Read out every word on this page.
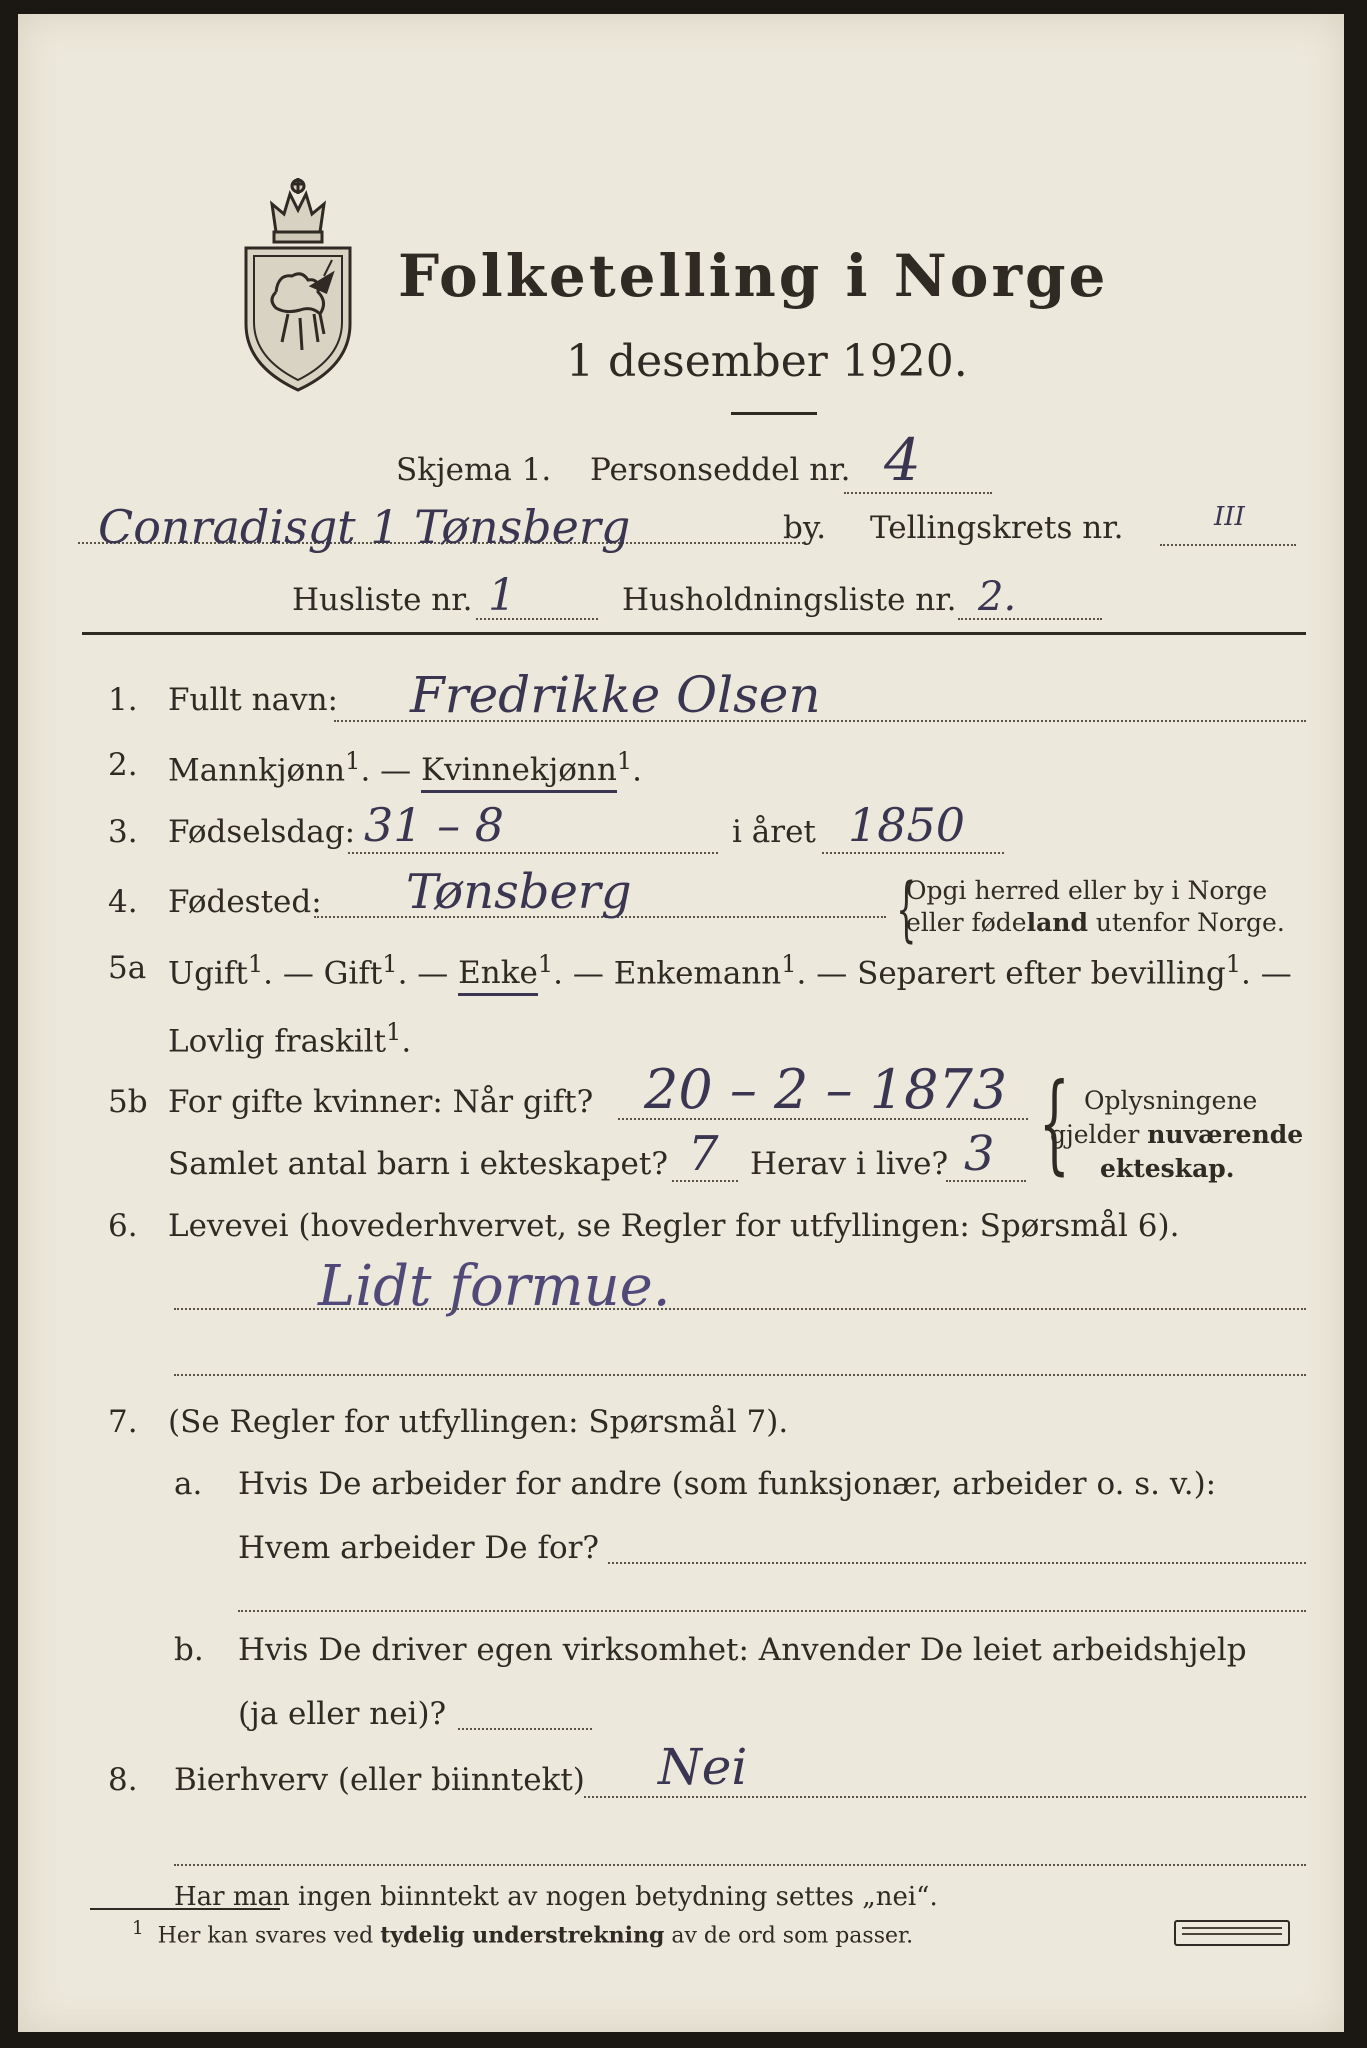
Folketelling i Norge
1 desember 1920.
Skjema 1. Personseddel nr. 4
Conradisgt 1 Tønsberg	by. Tellingskrets nr.	III
Husliste nr. 1	Husholdningsliste nr. 2.
1. Fullt navn: Fredrikke Olsen
2. Mannkjønn$^1$. — Kvinnekjønn$^1$.
3. Fødselsdag: 31 – 8	i året 1850
4. Fødested: Tønsberg	{
Opgi herred eller by i Norge
eller fødeland utenfor Norge.
5a Ugift$^1$. — Gift$^1$. — Enke$^1$. — Enkemann$^1$. — Separert efter bevilling$^1$. —
Lovlig fraskilt$^1$.
5b For gifte kvinner: Når gift? 20 – 2 – 1873
Samlet antal barn i ekteskapet? 7 Herav i live? 3 { Oplysningene
gjelder nuværende
ekteskap.
6. Levevei (hovederhvervet, se Regler for utfyllingen: Spørsmål 6).
Lidt formue.
7. (Se Regler for utfyllingen: Spørsmål 7).
a. Hvis De arbeider for andre (som funksjonær, arbeider o. s. v.):
Hvem arbeider De for?
b. Hvis De driver egen virksomhet: Anvender De leiet arbeidshjelp
(ja eller nei)?
8. Bierhverv (eller biinntekt) Nei
Har man ingen biinntekt av nogen betydning settes „nei“.
$^1$ Her kan svares ved tydelig understrekning av de ord som passer.
